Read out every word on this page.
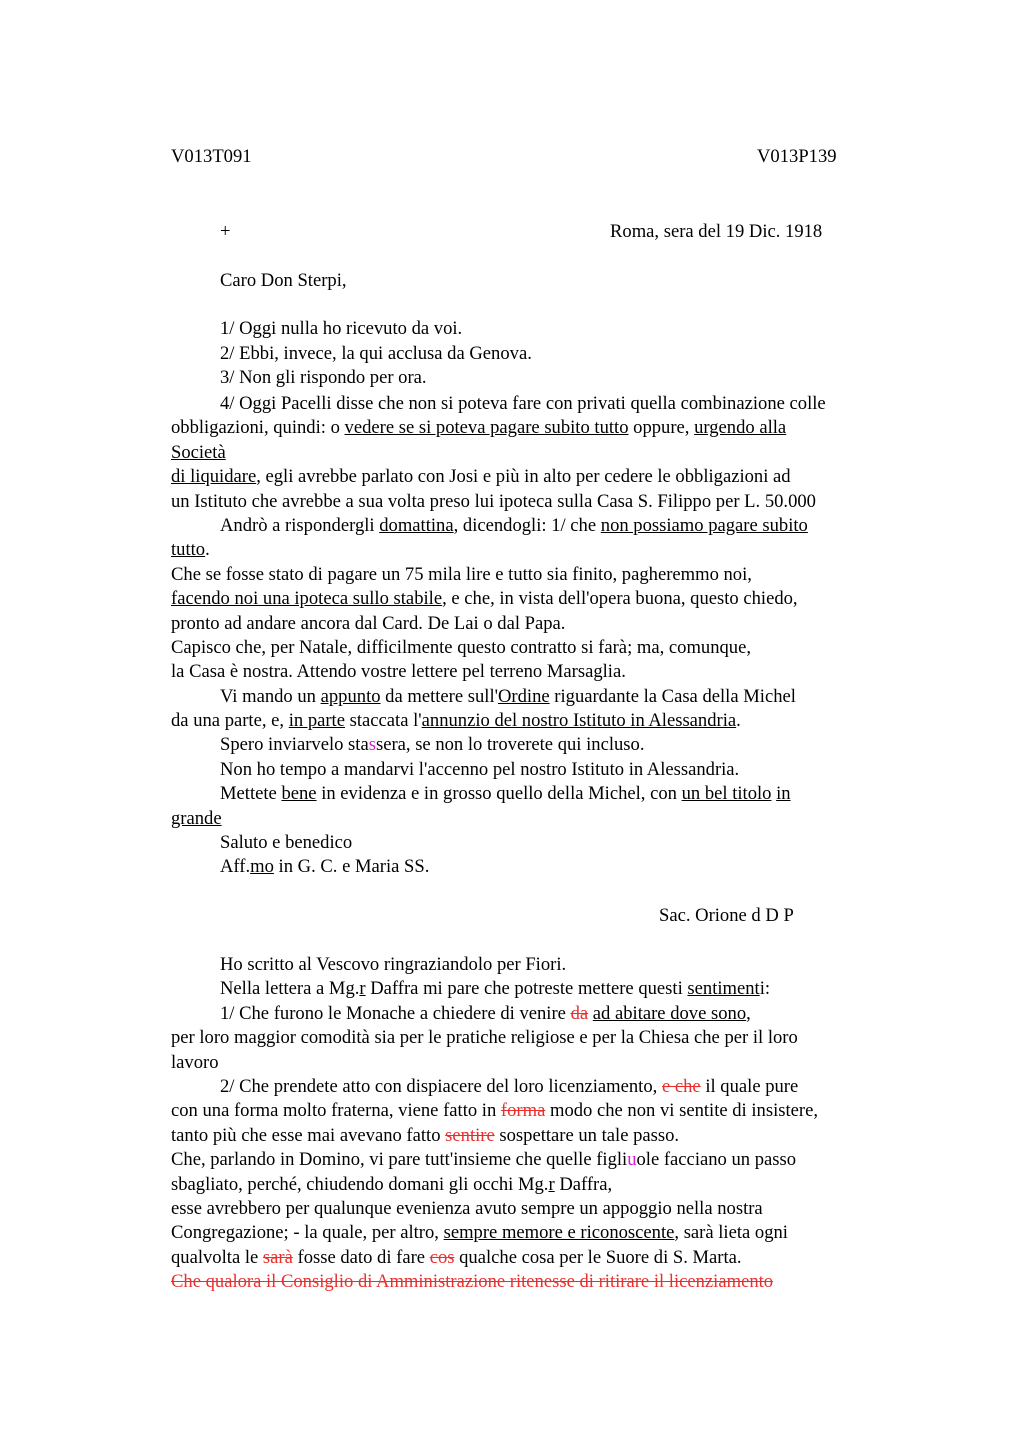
V013T091	V013P139
+	Roma, sera del 19 Dic. 1918
Caro Don Sterpi,
1/ Oggi nulla ho ricevuto da voi.
2/ Ebbi, invece, la qui acclusa da Genova.
3/ Non gli rispondo per ora.
4/ Oggi Pacelli disse che non si poteva fare con privati quella combinazione colle
obbligazioni, quindi: o vedere se si poteva pagare subito tutto oppure, urgendo alla
Società
di liquidare, egli avrebbe parlato con Josi e più in alto per cedere le obbligazioni ad
un Istituto che avrebbe a sua volta preso lui ipoteca sulla Casa S. Filippo per L. 50.000
Andrò a rispondergli domattina, dicendogli: 1/ che non possiamo pagare subito
tutto.
Che se fosse stato di pagare un 75 mila lire e tutto sia finito, pagheremmo noi,
facendo noi una ipoteca sullo stabile, e che, in vista dell'opera buona, questo chiedo,
pronto ad andare ancora dal Card. De Lai o dal Papa.
Capisco che, per Natale, difficilmente questo contratto si farà; ma, comunque,
la Casa è nostra. Attendo vostre lettere pel terreno Marsaglia.
Vi mando un appunto da mettere sull'Ordine riguardante la Casa della Michel
da una parte, e, in parte staccata l'annunzio del nostro Istituto in Alessandria.
Spero inviarvelo stassera, se non lo troverete qui incluso.
Non ho tempo a mandarvi l'accenno pel nostro Istituto in Alessandria.
Mettete bene in evidenza e in grosso quello della Michel, con un bel titolo in
grande
Saluto e benedico
Aff.mo in G. C. e Maria SS.
Sac. Orione d D P
Ho scritto al Vescovo ringraziandolo per Fiori.
Nella lettera a Mg.r Daffra mi pare che potreste mettere questi sentimenti:
1/ Che furono le Monache a chiedere di venire da ad abitare dove sono,
per loro maggior comodità sia per le pratiche religiose e per la Chiesa che per il loro
lavoro
2/ Che prendete atto con dispiacere del loro licenziamento, e che il quale pure
con una forma molto fraterna, viene fatto in forma modo che non vi sentite di insistere,
tanto più che esse mai avevano fatto sentire sospettare un tale passo.
Che, parlando in Domino, vi pare tutt'insieme che quelle figliuole facciano un passo
sbagliato, perché, chiudendo domani gli occhi Mg.r Daffra,
esse avrebbero per qualunque evenienza avuto sempre un appoggio nella nostra
Congregazione; - la quale, per altro, sempre memore e riconoscente, sarà lieta ogni
qualvolta le sarà fosse dato di fare cos qualche cosa per le Suore di S. Marta.
Che qualora il Consiglio di Amministrazione ritenesse di ritirare il licenziamento
